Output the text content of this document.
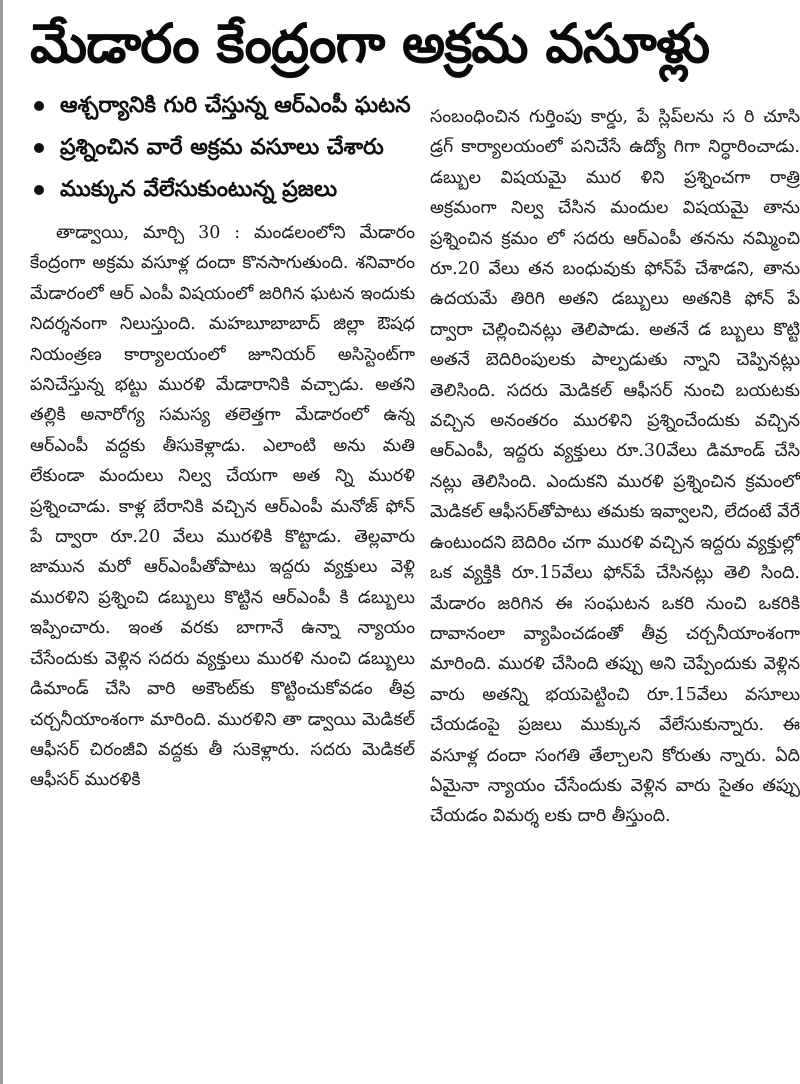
మేడారం కేంద్రంగా అక్రమ వసూళ్లు
ఆశ్చర్యానికి గురి చేస్తున్న ఆర్‌ఎంపీ ఘటన
ప్రశ్నించిన వారే అక్రమ వసూలు చేశారు
ముక్కున వేలేసుకుంటున్న ప్రజలు

తాడ్వాయి, మార్చి 30 : మండలంలోని మేడారం కేంద్రంగా అక్రమ వసూళ్ల దందా కొనసాగుతుంది. శనివారం మేడారంలో ఆర్ ఎంపీ విషయంలో జరిగిన ఘటన ఇందుకు నిదర్శనంగా నిలుస్తుంది. మహబూబాబాద్ జిల్లా ఔషధ నియంత్రణ కార్యాలయంలో జూనియర్ అసిస్టెంట్‌గా పనిచేస్తున్న భట్టు మురళి మేడారానికి వచ్చాడు. అతని తల్లికి అనారోగ్య సమస్య తలెత్తగా మేడారంలో ఉన్న ఆర్‌ఎంపీ వద్దకు తీసుకెళ్లాడు. ఎలాంటి అను మతి లేకుండా మందులు నిల్వ చేయగా అత న్ని మురళి ప్రశ్నించాడు. కాళ్ల బేరానికి వచ్చిన ఆర్‌ఎంపీ మనోజ్ ఫోన్ పే ద్వారా రూ.20 వేలు మురళికి కొట్టాడు. తెల్లవారు జామున మరో ఆర్‌ఎంపీతోపాటు ఇద్దరు వ్యక్తులు వెళ్లి మురళిని ప్రశ్నించి డబ్బులు కొట్టిన ఆర్‌ఎంపీ కి డబ్బులు ఇప్పించారు. ఇంత వరకు బాగానే ఉన్నా న్యాయం చేసేందుకు వెళ్లిన సదరు వ్యక్తులు మురళి నుంచి డబ్బులు డిమాండ్ చేసి వారి అకౌంట్‌కు కొట్టించుకోవడం తీవ్ర చర్చనీయాంశంగా మారింది. మురళిని తా డ్వాయి మెడికల్ ఆఫీసర్ చిరంజీవి వద్దకు తీ సుకెళ్లారు. సదరు మెడికల్ ఆఫీసర్ మురళికి

సంబంధించిన గుర్తింపు కార్డు, పే స్లిప్‌లను స రి చూసి డ్రగ్ కార్యాలయంలో పనిచేసే ఉద్యో గిగా నిర్ధారించాడు. డబ్బుల విషయమై ముర ళిని ప్రశ్నించగా రాత్రి అక్రమంగా నిల్వ చేసిన మందుల విషయమై తాను ప్రశ్నించిన క్రమం లో సదరు ఆర్‌ఎంపీ తనను నమ్మించి రూ.20 వేలు తన బంధువుకు ఫోన్‌పే చేశాడని, తాను ఉదయమే తిరిగి అతని డబ్బులు అతనికి ఫోన్ పే ద్వారా చెల్లించినట్లు తెలిపాడు. అతనే డ బ్బులు కొట్టి అతనే బెదిరింపులకు పాల్పడుతు న్నాని చెప్పినట్లు తెలిసింది. సదరు మెడికల్ ఆఫీసర్ నుంచి బయటకు వచ్చిన అనంతరం మురళిని ప్రశ్నించేందుకు వచ్చిన ఆర్‌ఎంపీ, ఇద్దరు వ్యక్తులు రూ.30వేలు డిమాండ్ చేసి నట్లు తెలిసింది. ఎందుకని మురళి ప్రశ్నించిన క్రమంలో మెడికల్ ఆఫీసర్‌తోపాటు తమకు ఇవ్వాలని, లేదంటే వేరే ఉంటుందని బెదిరిం చగా మురళి వచ్చిన ఇద్దరు వ్యక్తుల్లో ఒక వ్యక్తికి రూ.15వేలు ఫోన్‌పే చేసినట్లు తెలి సింది. మేడారం జరిగిన ఈ సంఘటన ఒకరి నుంచి ఒకరికి దావానంలా వ్యాపించడంతో తీవ్ర చర్చనీయాంశంగా మారింది. మురళి చేసింది తప్పు అని చెప్పేందుకు వెళ్లిన వారు అతన్ని భయపెట్టించి రూ.15వేలు వసూలు చేయడంపై ప్రజలు ముక్కున వేలేసుకున్నారు. ఈ వసూళ్ల దందా సంగతి తేల్చాలని కోరుతు న్నారు. ఏది ఏమైనా న్యాయం చేసేందుకు వెళ్లిన వారు సైతం తప్పు చేయడం విమర్శ లకు దారి తీస్తుంది.
